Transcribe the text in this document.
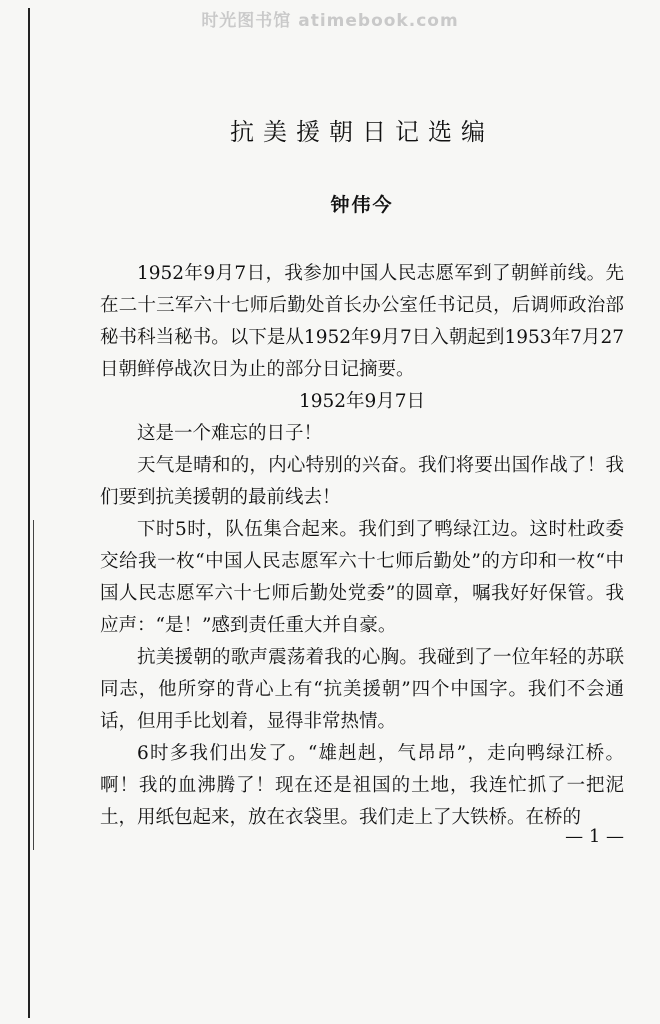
时光图书馆 atimebook.com
抗美援朝日记选编
钟伟今

1952年9月7日，我参加中国人民志愿军到了朝鲜前线。先在二十三军六十七师后勤处首长办公室任书记员，后调师政治部秘书科当秘书。以下是从1952年9月7日入朝起到1953年7月27日朝鲜停战次日为止的部分日记摘要。

1952年9月7日

这是一个难忘的日子！

天气是晴和的，内心特别的兴奋。我们将要出国作战了！我们要到抗美援朝的最前线去！

下时5时，队伍集合起来。我们到了鸭绿江边。这时杜政委交给我一枚“中国人民志愿军六十七师后勤处”的方印和一枚“中国人民志愿军六十七师后勤处党委”的圆章，嘱我好好保管。我应声：“是！”感到责任重大并自豪。

抗美援朝的歌声震荡着我的心胸。我碰到了一位年轻的苏联同志，他所穿的背心上有“抗美援朝”四个中国字。我们不会通话，但用手比划着，显得非常热情。

6时多我们出发了。“雄赳赳，气昂昂”，走向鸭绿江桥。啊！我的血沸腾了！现在还是祖国的土地，我连忙抓了一把泥土，用纸包起来，放在衣袋里。我们走上了大铁桥。在桥的

— 1 —
